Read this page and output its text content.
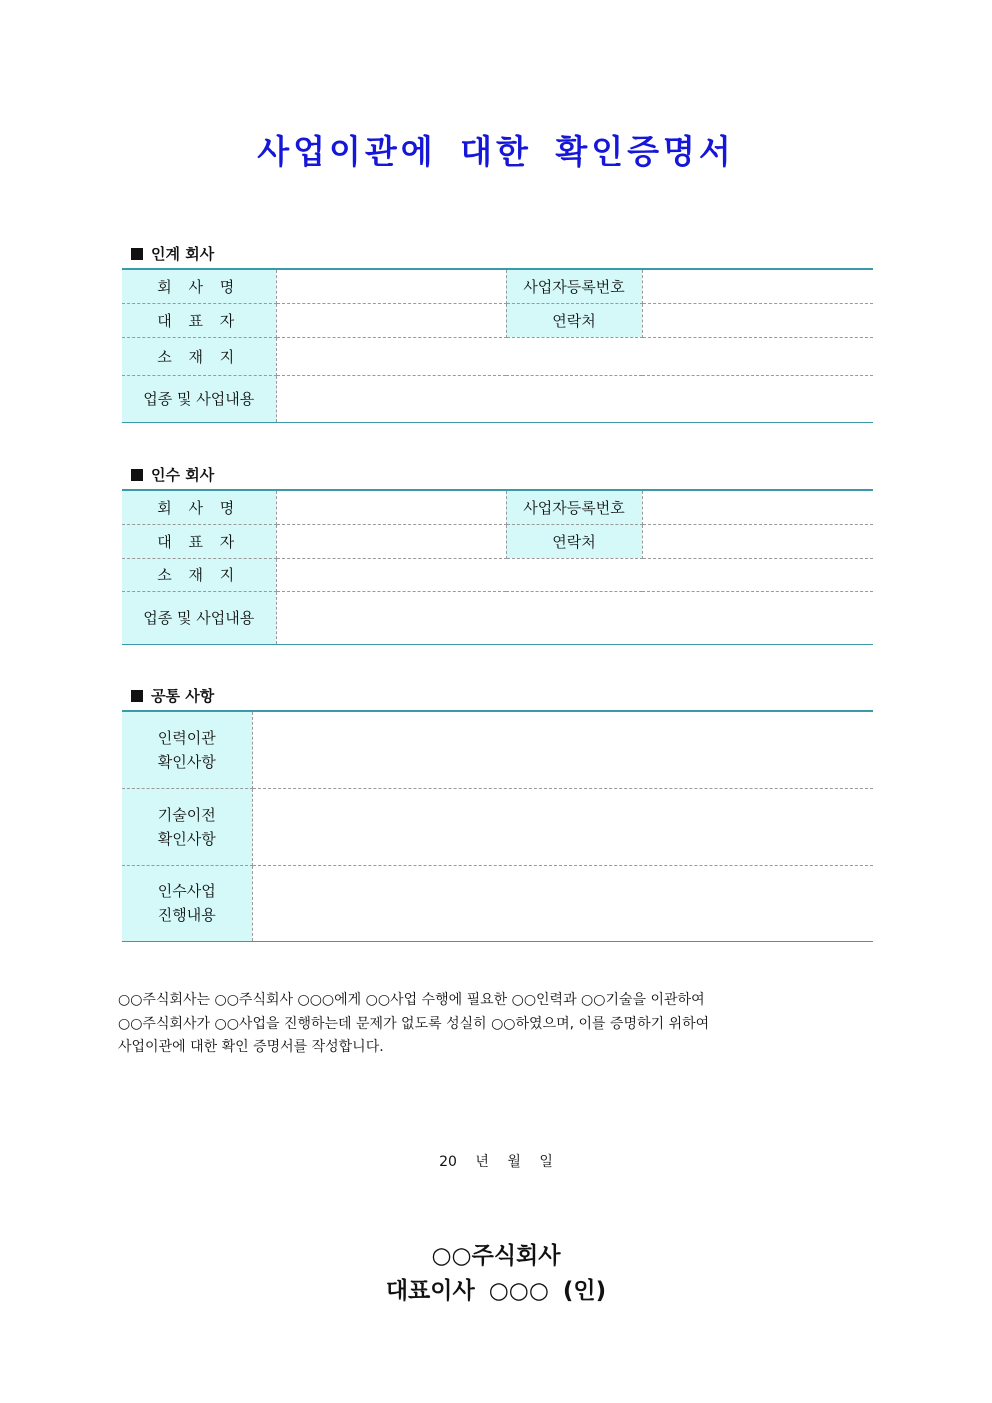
사업이관에 대한 확인증명서
인계 회사
회 사 명		사업자등록번호	
대 표 자		연락처	
소 재 지			
업종 및 사업내용			
인수 회사
회 사 명		사업자등록번호	
대 표 자		연락처	
소 재 지			
업종 및 사업내용			
공통 사항
인력이관
확인사항	

기술이전
확인사항	

인수사업
진행내용	

○○주식회사는 ○○주식회사 ○○○에게 ○○사업 수행에 필요한 ○○인력과 ○○기술을 이관하여
○○주식회사가 ○○사업을 진행하는데 문제가 없도록 성실히 ○○하였으며, 이를 증명하기 위하여
사업이관에 대한 확인 증명서를 작성합니다.
20 년 월 일
○○주식회사
대표이사 ○○○ (인)
